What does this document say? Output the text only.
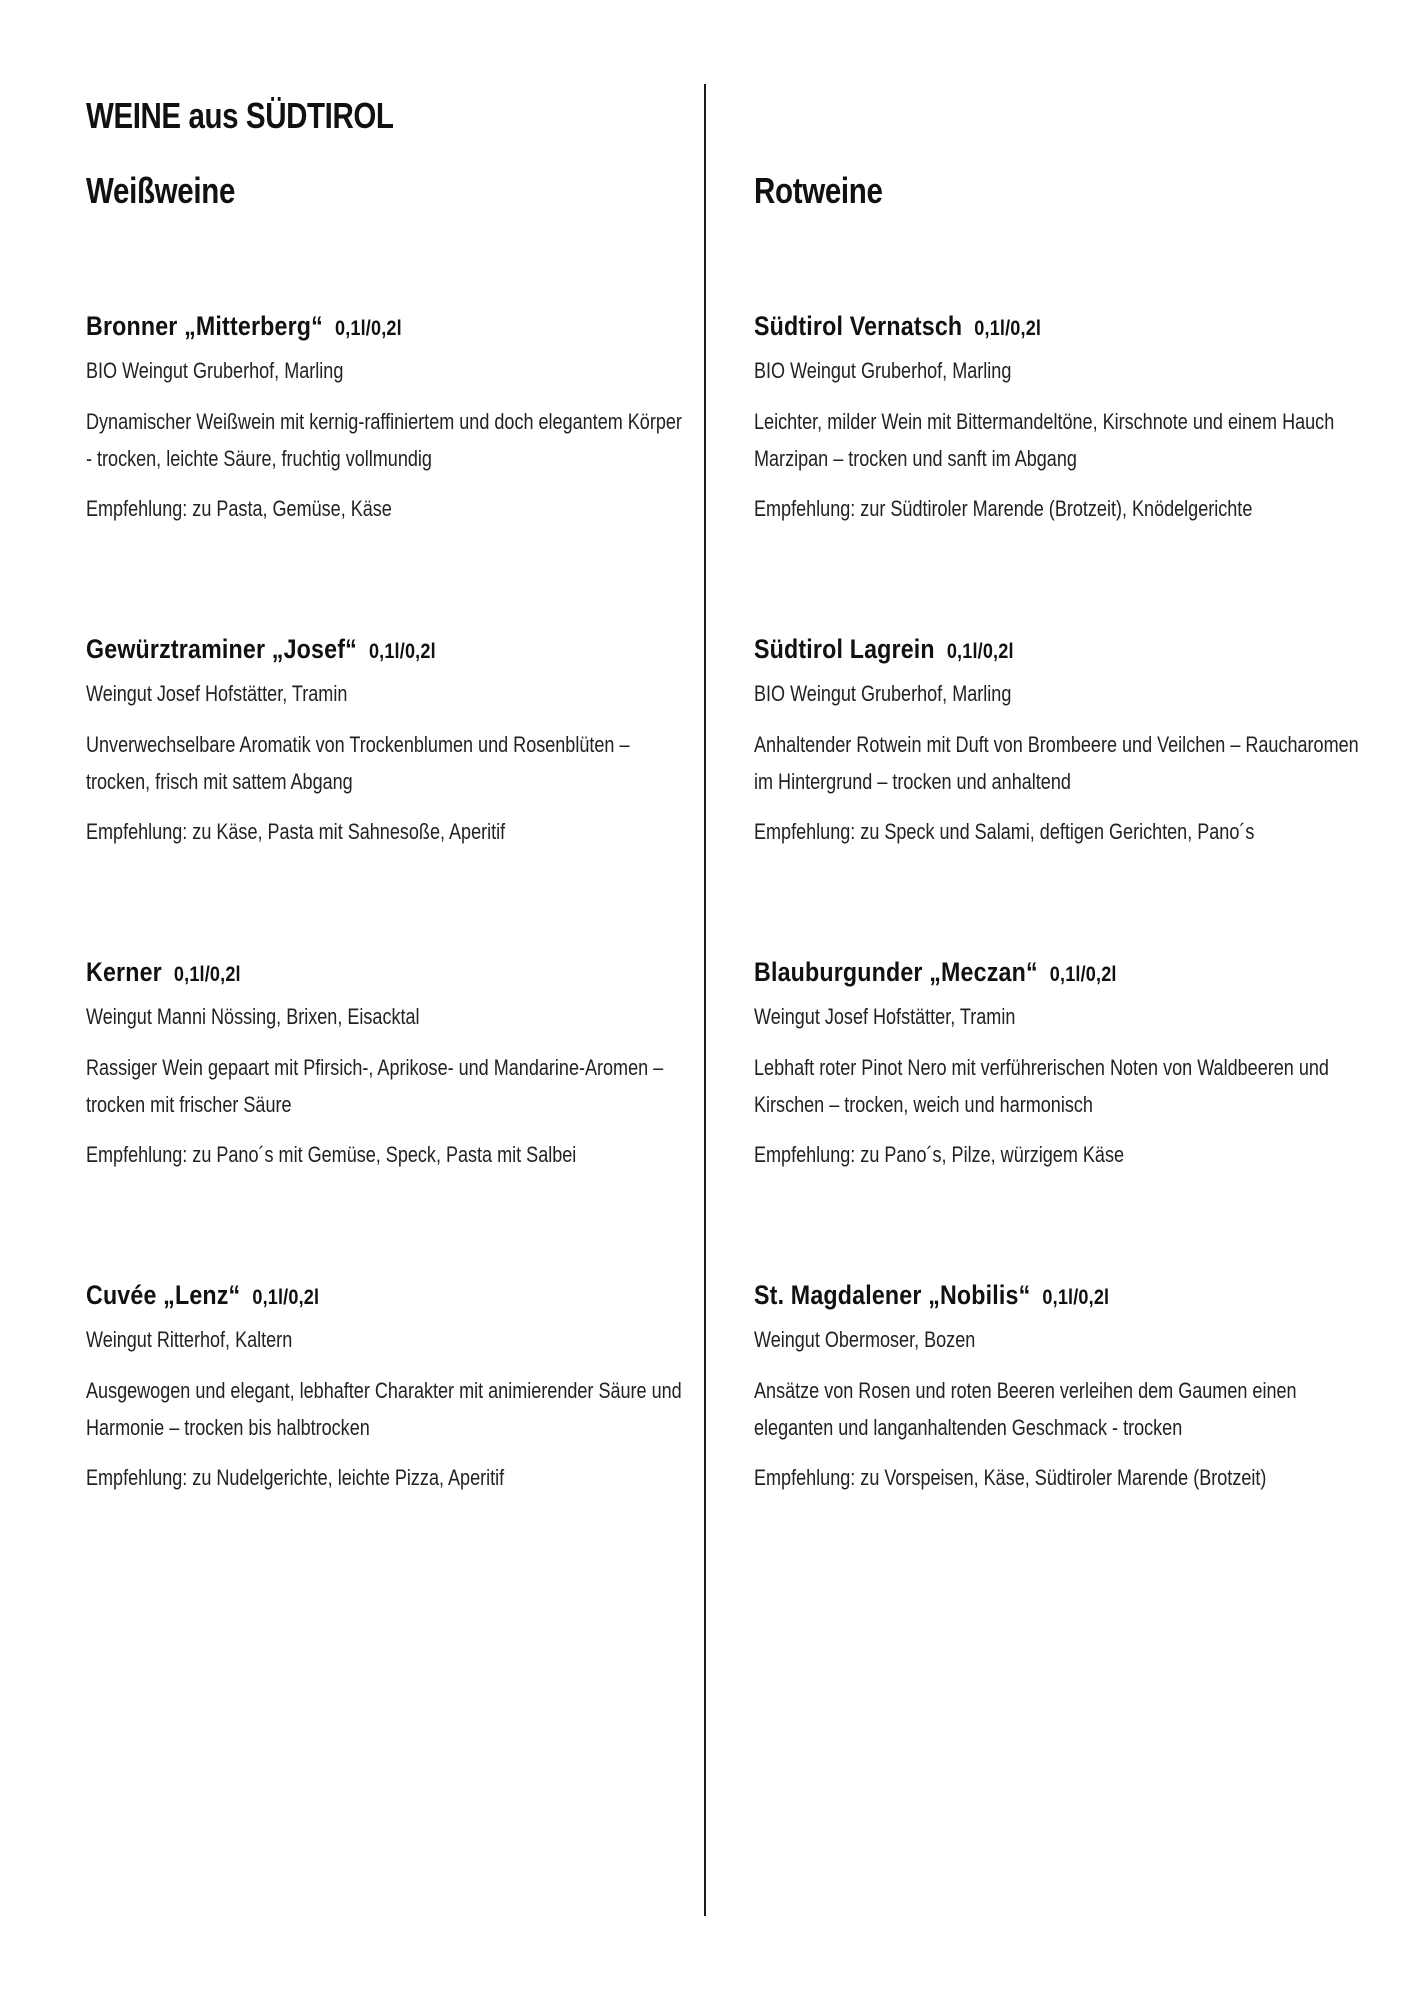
WEINE aus SÜDTIROL
Weißweine
Bronner „Mitterberg“ 0,1l/0,2l
BIO Weingut Gruberhof, Marling
Dynamischer Weißwein mit kernig-raffiniertem und doch elegantem Körper - trocken, leichte Säure, fruchtig vollmundig
Empfehlung: zu Pasta, Gemüse, Käse
Gewürztraminer „Josef“ 0,1l/0,2l
Weingut Josef Hofstätter, Tramin
Unverwechselbare Aromatik von Trockenblumen und Rosenblüten – trocken, frisch mit sattem Abgang
Empfehlung: zu Käse, Pasta mit Sahnesoße, Aperitif
Kerner 0,1l/0,2l
Weingut Manni Nössing, Brixen, Eisacktal
Rassiger Wein gepaart mit Pfirsich-, Aprikose- und Mandarine-Aromen – trocken mit frischer Säure
Empfehlung: zu Pano´s mit Gemüse, Speck, Pasta mit Salbei
Cuvée „Lenz“ 0,1l/0,2l
Weingut Ritterhof, Kaltern
Ausgewogen und elegant, lebhafter Charakter mit animierender Säure und Harmonie – trocken bis halbtrocken
Empfehlung: zu Nudelgerichte, leichte Pizza, Aperitif
Rotweine
Südtirol Vernatsch 0,1l/0,2l
BIO Weingut Gruberhof, Marling
Leichter, milder Wein mit Bittermandeltöne, Kirschnote und einem Hauch Marzipan – trocken und sanft im Abgang
Empfehlung: zur Südtiroler Marende (Brotzeit), Knödelgerichte
Südtirol Lagrein 0,1l/0,2l
BIO Weingut Gruberhof, Marling
Anhaltender Rotwein mit Duft von Brombeere und Veilchen – Raucharomen im Hintergrund – trocken und anhaltend
Empfehlung: zu Speck und Salami, deftigen Gerichten, Pano´s
Blauburgunder „Meczan“ 0,1l/0,2l
Weingut Josef Hofstätter, Tramin
Lebhaft roter Pinot Nero mit verführerischen Noten von Waldbeeren und Kirschen – trocken, weich und harmonisch
Empfehlung: zu Pano´s, Pilze, würzigem Käse
St. Magdalener „Nobilis“ 0,1l/0,2l
Weingut Obermoser, Bozen
Ansätze von Rosen und roten Beeren verleihen dem Gaumen einen eleganten und langanhaltenden Geschmack - trocken
Empfehlung: zu Vorspeisen, Käse, Südtiroler Marende (Brotzeit)
